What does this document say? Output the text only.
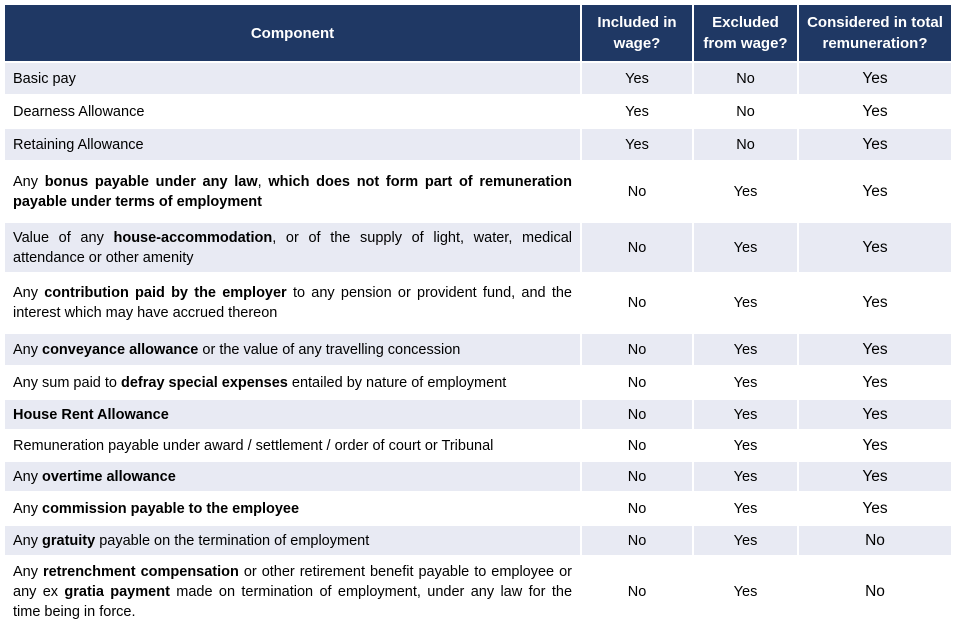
Component	Included in wage?	Excluded from wage?	Considered in total remuneration?
Basic pay	Yes	No	Yes
Dearness Allowance	Yes	No	Yes
Retaining Allowance	Yes	No	Yes
Any bonus payable under any law, which does not form part of remuneration payable under terms of employment	No	Yes	Yes
Value of any house-accommodation, or of the supply of light, water, medical attendance or other amenity	No	Yes	Yes
Any contribution paid by the employer to any pension or provident fund, and the interest which may have accrued thereon	No	Yes	Yes
Any conveyance allowance or the value of any travelling concession	No	Yes	Yes
Any sum paid to defray special expenses entailed by nature of employment	No	Yes	Yes
House Rent Allowance	No	Yes	Yes
Remuneration payable under award / settlement / order of court or Tribunal	No	Yes	Yes
Any overtime allowance	No	Yes	Yes
Any commission payable to the employee	No	Yes	Yes
Any gratuity payable on the termination of employment	No	Yes	No
Any retrenchment compensation or other retirement benefit payable to employee or any ex gratia payment made on termination of employment, under any law for the time being in force.	No	Yes	No
